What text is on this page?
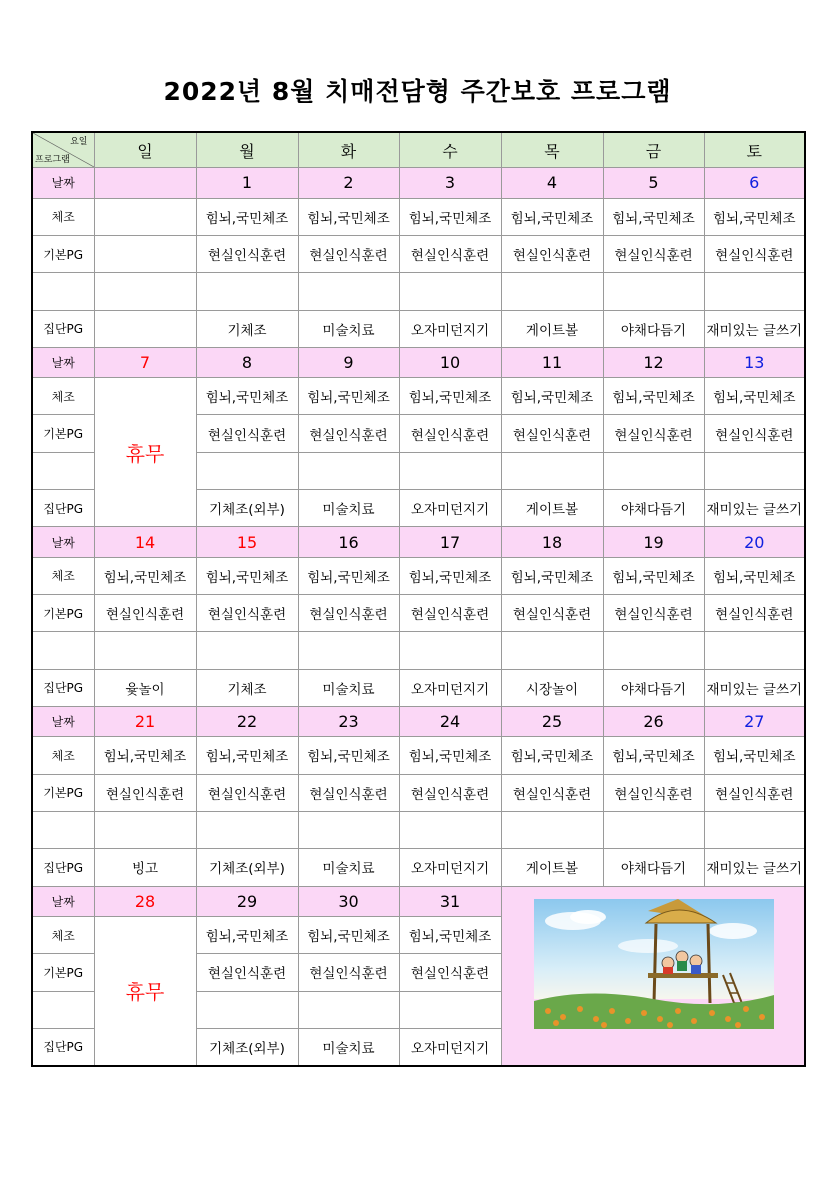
2022년 8월 치매전담형 주간보호 프로그램
요일
프로그램	일	월	화	수	목	금	토
날짜		1	2	3	4	5	6
체조		힘뇌,국민체조	힘뇌,국민체조	힘뇌,국민체조	힘뇌,국민체조	힘뇌,국민체조	힘뇌,국민체조
기본PG		현실인식훈련	현실인식훈련	현실인식훈련	현실인식훈련	현실인식훈련	현실인식훈련

집단PG		기체조	미술치료	오자미던지기	게이트볼	야채다듬기	재미있는 글쓰기
날짜	7	8	9	10	11	12	13
체조	휴무	힘뇌,국민체조	힘뇌,국민체조	힘뇌,국민체조	힘뇌,국민체조	힘뇌,국민체조	힘뇌,국민체조
기본PG		현실인식훈련	현실인식훈련	현실인식훈련	현실인식훈련	현실인식훈련	현실인식훈련

집단PG		기체조(외부)	미술치료	오자미던지기	게이트볼	야채다듬기	재미있는 글쓰기
날짜	14	15	16	17	18	19	20
체조	힘뇌,국민체조	힘뇌,국민체조	힘뇌,국민체조	힘뇌,국민체조	힘뇌,국민체조	힘뇌,국민체조	힘뇌,국민체조
기본PG	현실인식훈련	현실인식훈련	현실인식훈련	현실인식훈련	현실인식훈련	현실인식훈련	현실인식훈련

집단PG	윷놀이	기체조	미술치료	오자미던지기	시장놀이	야채다듬기	재미있는 글쓰기
날짜	21	22	23	24	25	26	27
체조	힘뇌,국민체조	힘뇌,국민체조	힘뇌,국민체조	힘뇌,국민체조	힘뇌,국민체조	힘뇌,국민체조	힘뇌,국민체조
기본PG	현실인식훈련	현실인식훈련	현실인식훈련	현실인식훈련	현실인식훈련	현실인식훈련	현실인식훈련

집단PG	빙고	기체조(외부)	미술치료	오자미던지기	게이트볼	야채다듬기	재미있는 글쓰기
날짜	28	29	30	31	

체조	휴무	힘뇌,국민체조	힘뇌,국민체조	힘뇌,국민체조			
기본PG		현실인식훈련	현실인식훈련	현실인식훈련			

집단PG		기체조(외부)	미술치료	오자미던지기			
